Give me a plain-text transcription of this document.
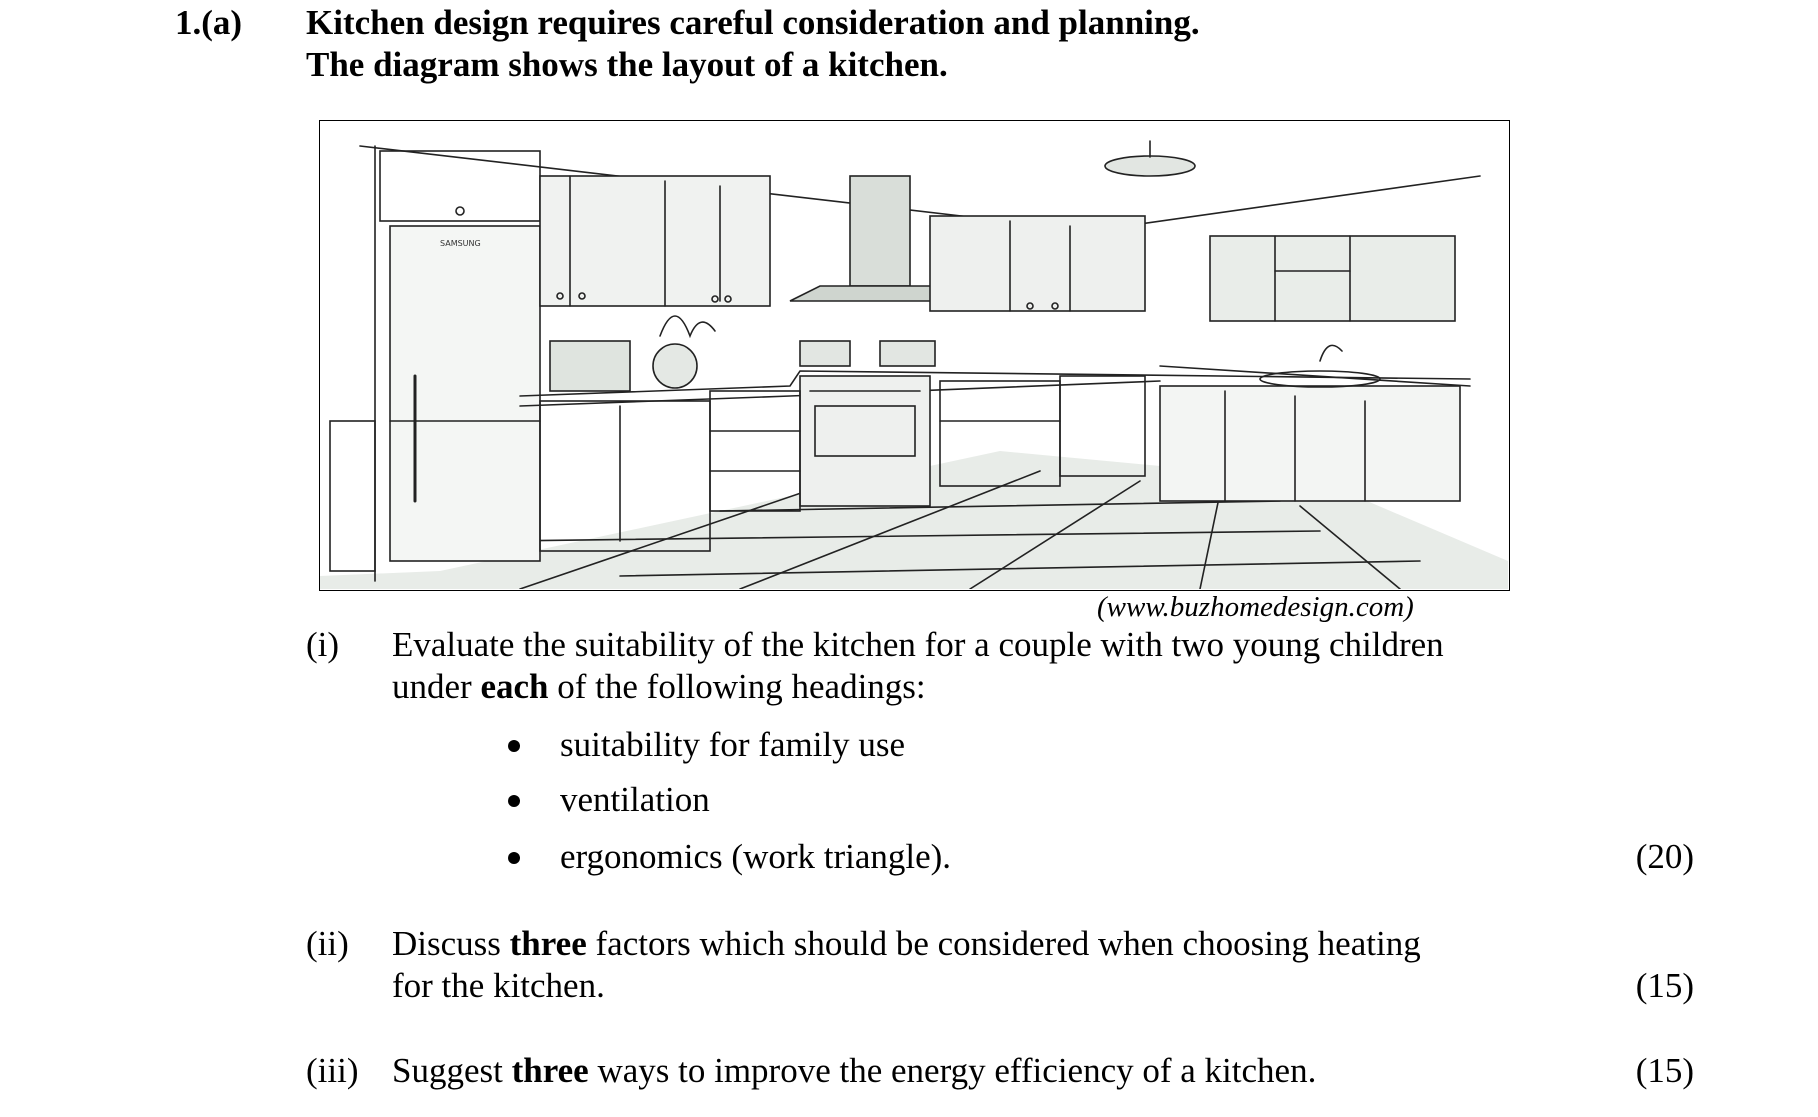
1.(a) Kitchen design requires careful consideration and planning.
The diagram shows the layout of a kitchen.
SAMSUNG
(www.buzhomedesign.com)
(i) Evaluate the suitability of the kitchen for a couple with two young children
under each of the following headings:
suitability for family use
ventilation
ergonomics (work triangle).	(20)
(ii) Discuss three factors which should be considered when choosing heating
for the kitchen.	(15)
(iii) Suggest three ways to improve the energy efficiency of a kitchen.	(15)
